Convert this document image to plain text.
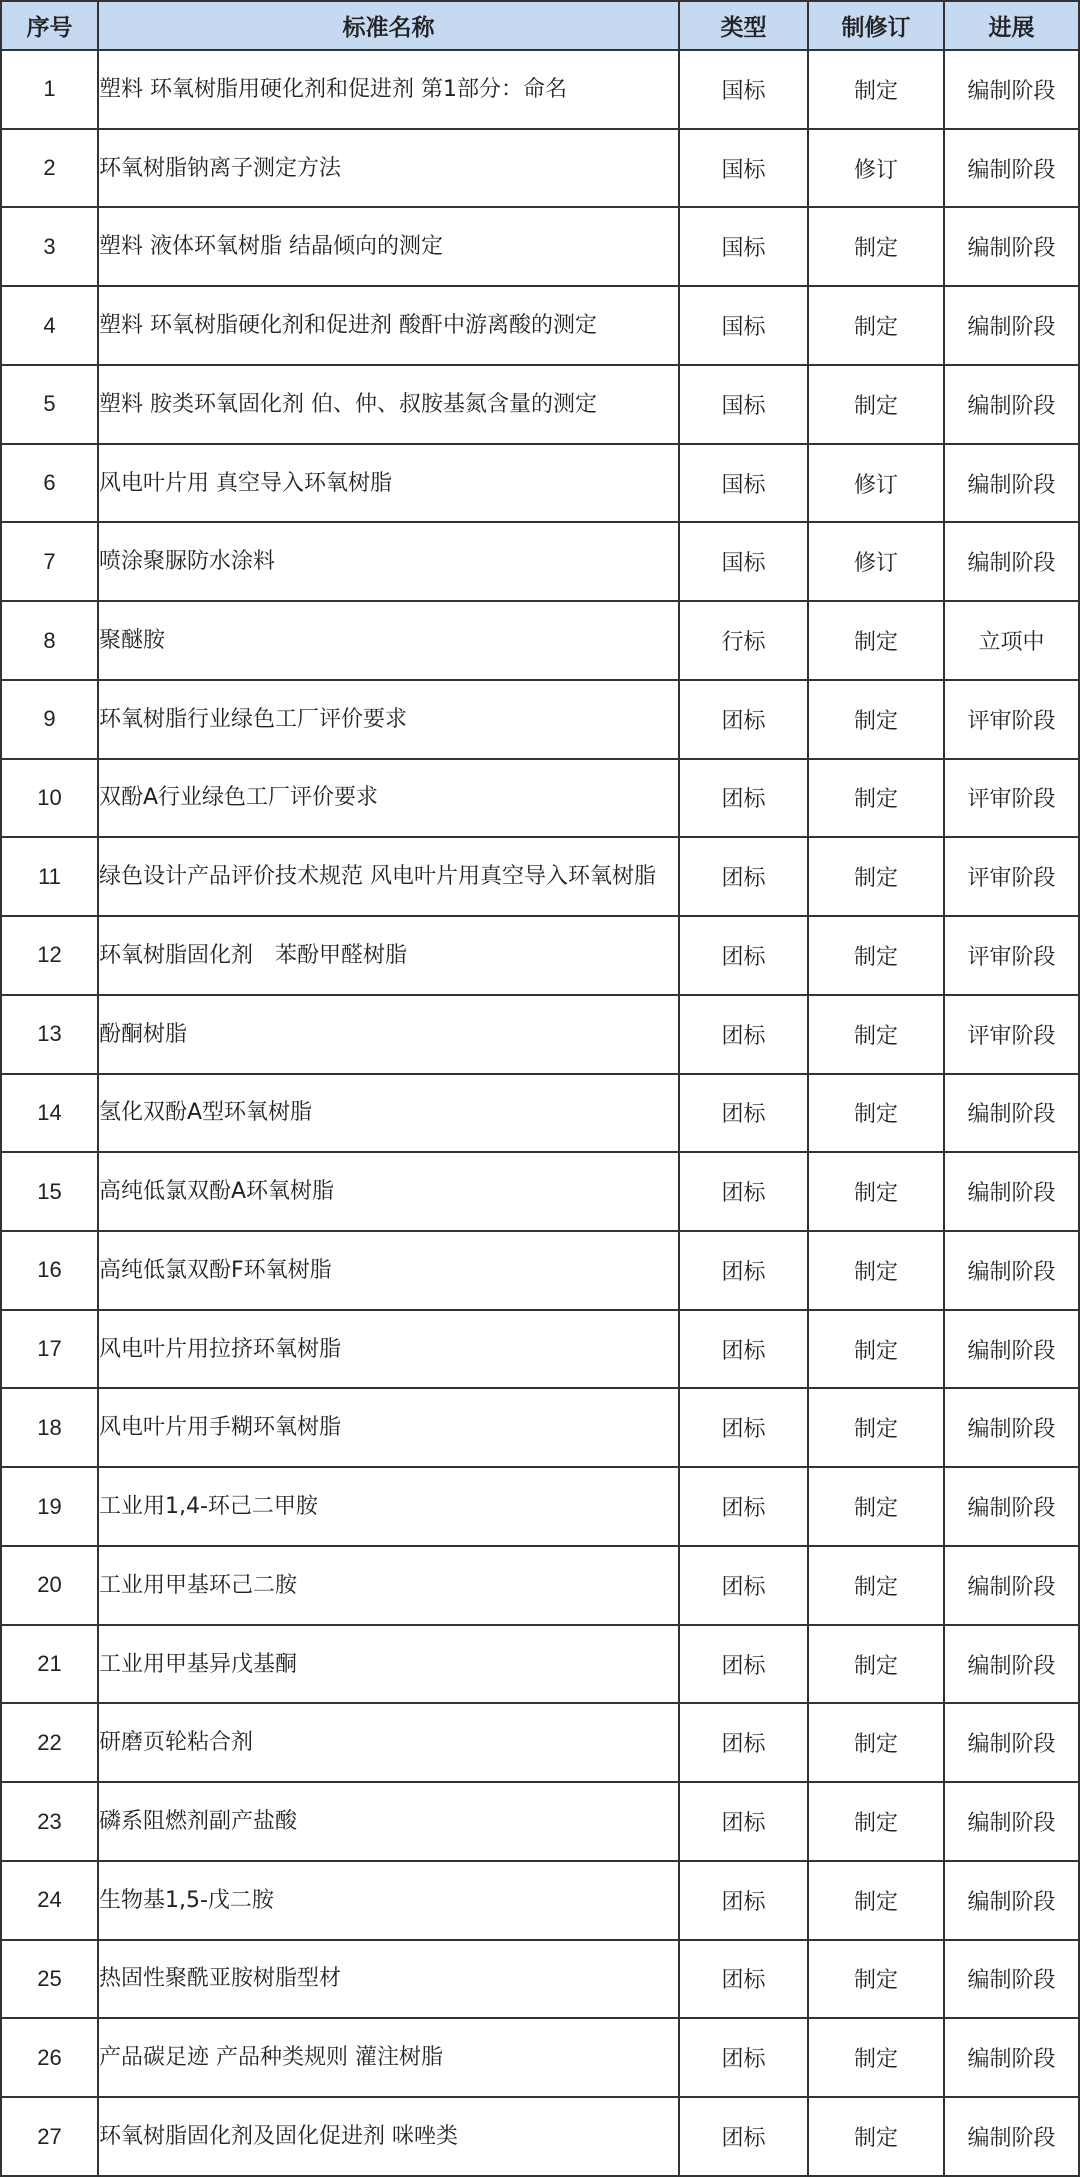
序号	标准名称	类型	制修订	进展
1	塑料 环氧树脂用硬化剂和促进剂 第1部分：命名	国标	制定	编制阶段
2	环氧树脂钠离子测定方法	国标	修订	编制阶段
3	塑料 液体环氧树脂 结晶倾向的测定	国标	制定	编制阶段
4	塑料 环氧树脂硬化剂和促进剂 酸酐中游离酸的测定	国标	制定	编制阶段
5	塑料 胺类环氧固化剂 伯、仲、叔胺基氮含量的测定	国标	制定	编制阶段
6	风电叶片用 真空导入环氧树脂	国标	修订	编制阶段
7	喷涂聚脲防水涂料	国标	修订	编制阶段
8	聚醚胺	行标	制定	立项中
9	环氧树脂行业绿色工厂评价要求	团标	制定	评审阶段
10	双酚A行业绿色工厂评价要求	团标	制定	评审阶段
11	绿色设计产品评价技术规范 风电叶片用真空导入环氧树脂	团标	制定	评审阶段
12	环氧树脂固化剂　苯酚甲醛树脂	团标	制定	评审阶段
13	酚酮树脂	团标	制定	评审阶段
14	氢化双酚A型环氧树脂	团标	制定	编制阶段
15	高纯低氯双酚A环氧树脂	团标	制定	编制阶段
16	高纯低氯双酚F环氧树脂	团标	制定	编制阶段
17	风电叶片用拉挤环氧树脂	团标	制定	编制阶段
18	风电叶片用手糊环氧树脂	团标	制定	编制阶段
19	工业用1,4-环己二甲胺	团标	制定	编制阶段
20	工业用甲基环己二胺	团标	制定	编制阶段
21	工业用甲基异戊基酮	团标	制定	编制阶段
22	研磨页轮粘合剂	团标	制定	编制阶段
23	磷系阻燃剂副产盐酸	团标	制定	编制阶段
24	生物基1,5-戊二胺	团标	制定	编制阶段
25	热固性聚酰亚胺树脂型材	团标	制定	编制阶段
26	产品碳足迹 产品种类规则 灌注树脂	团标	制定	编制阶段
27	环氧树脂固化剂及固化促进剂 咪唑类	团标	制定	编制阶段
